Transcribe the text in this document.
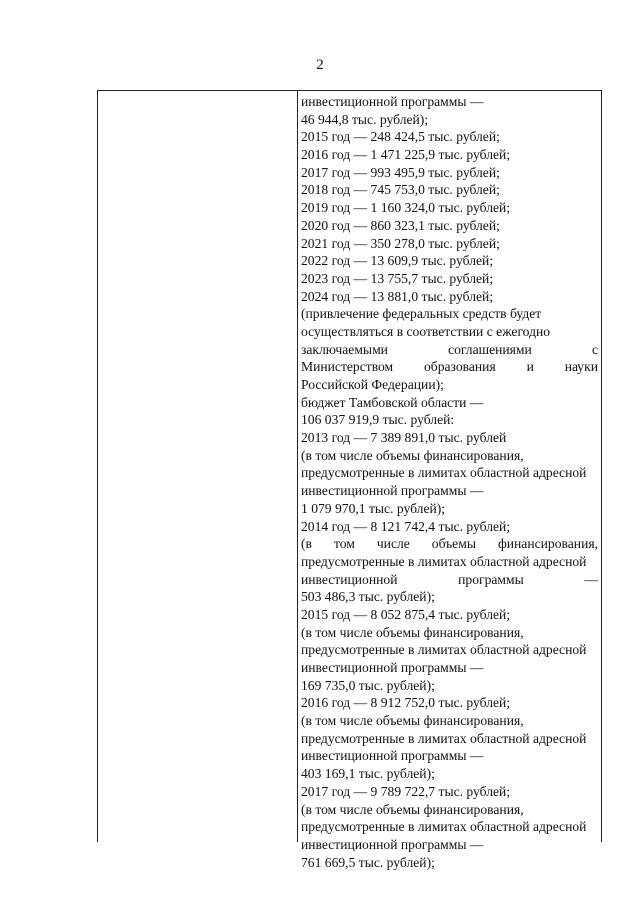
2
инвестиционной программы —
46 944,8 тыс. рублей);
2015 год — 248 424,5 тыс. рублей;
2016 год — 1 471 225,9 тыс. рублей;
2017 год — 993 495,9 тыс. рублей;
2018 год — 745 753,0 тыс. рублей;
2019 год — 1 160 324,0 тыс. рублей;
2020 год — 860 323,1 тыс. рублей;
2021 год — 350 278,0 тыс. рублей;
2022 год — 13 609,9 тыс. рублей;
2023 год — 13 755,7 тыс. рублей;
2024 год — 13 881,0 тыс. рублей;
(привлечение федеральных средств будет
осуществляться в соответствии с ежегодно
заключаемыми	соглашениями	с
Министерством образования и науки
Российской Федерации);
бюджет Тамбовской области —
106 037 919,9 тыс. рублей:
2013 год — 7 389 891,0 тыс. рублей
(в том числе объемы финансирования,
предусмотренные в лимитах областной адресной
инвестиционной программы —
1 079 970,1 тыс. рублей);
2014 год — 8 121 742,4 тыс. рублей;
(в том числе объемы финансирования,
предусмотренные в лимитах областной адресной
инвестиционной	программы	—
503 486,3 тыс. рублей);
2015 год — 8 052 875,4 тыс. рублей;
(в том числе объемы финансирования,
предусмотренные в лимитах областной адресной
инвестиционной программы —
169 735,0 тыс. рублей);
2016 год — 8 912 752,0 тыс. рублей;
(в том числе объемы финансирования,
предусмотренные в лимитах областной адресной
инвестиционной программы —
403 169,1 тыс. рублей);
2017 год — 9 789 722,7 тыс. рублей;
(в том числе объемы финансирования,
предусмотренные в лимитах областной адресной
инвестиционной программы —
761 669,5 тыс. рублей);
